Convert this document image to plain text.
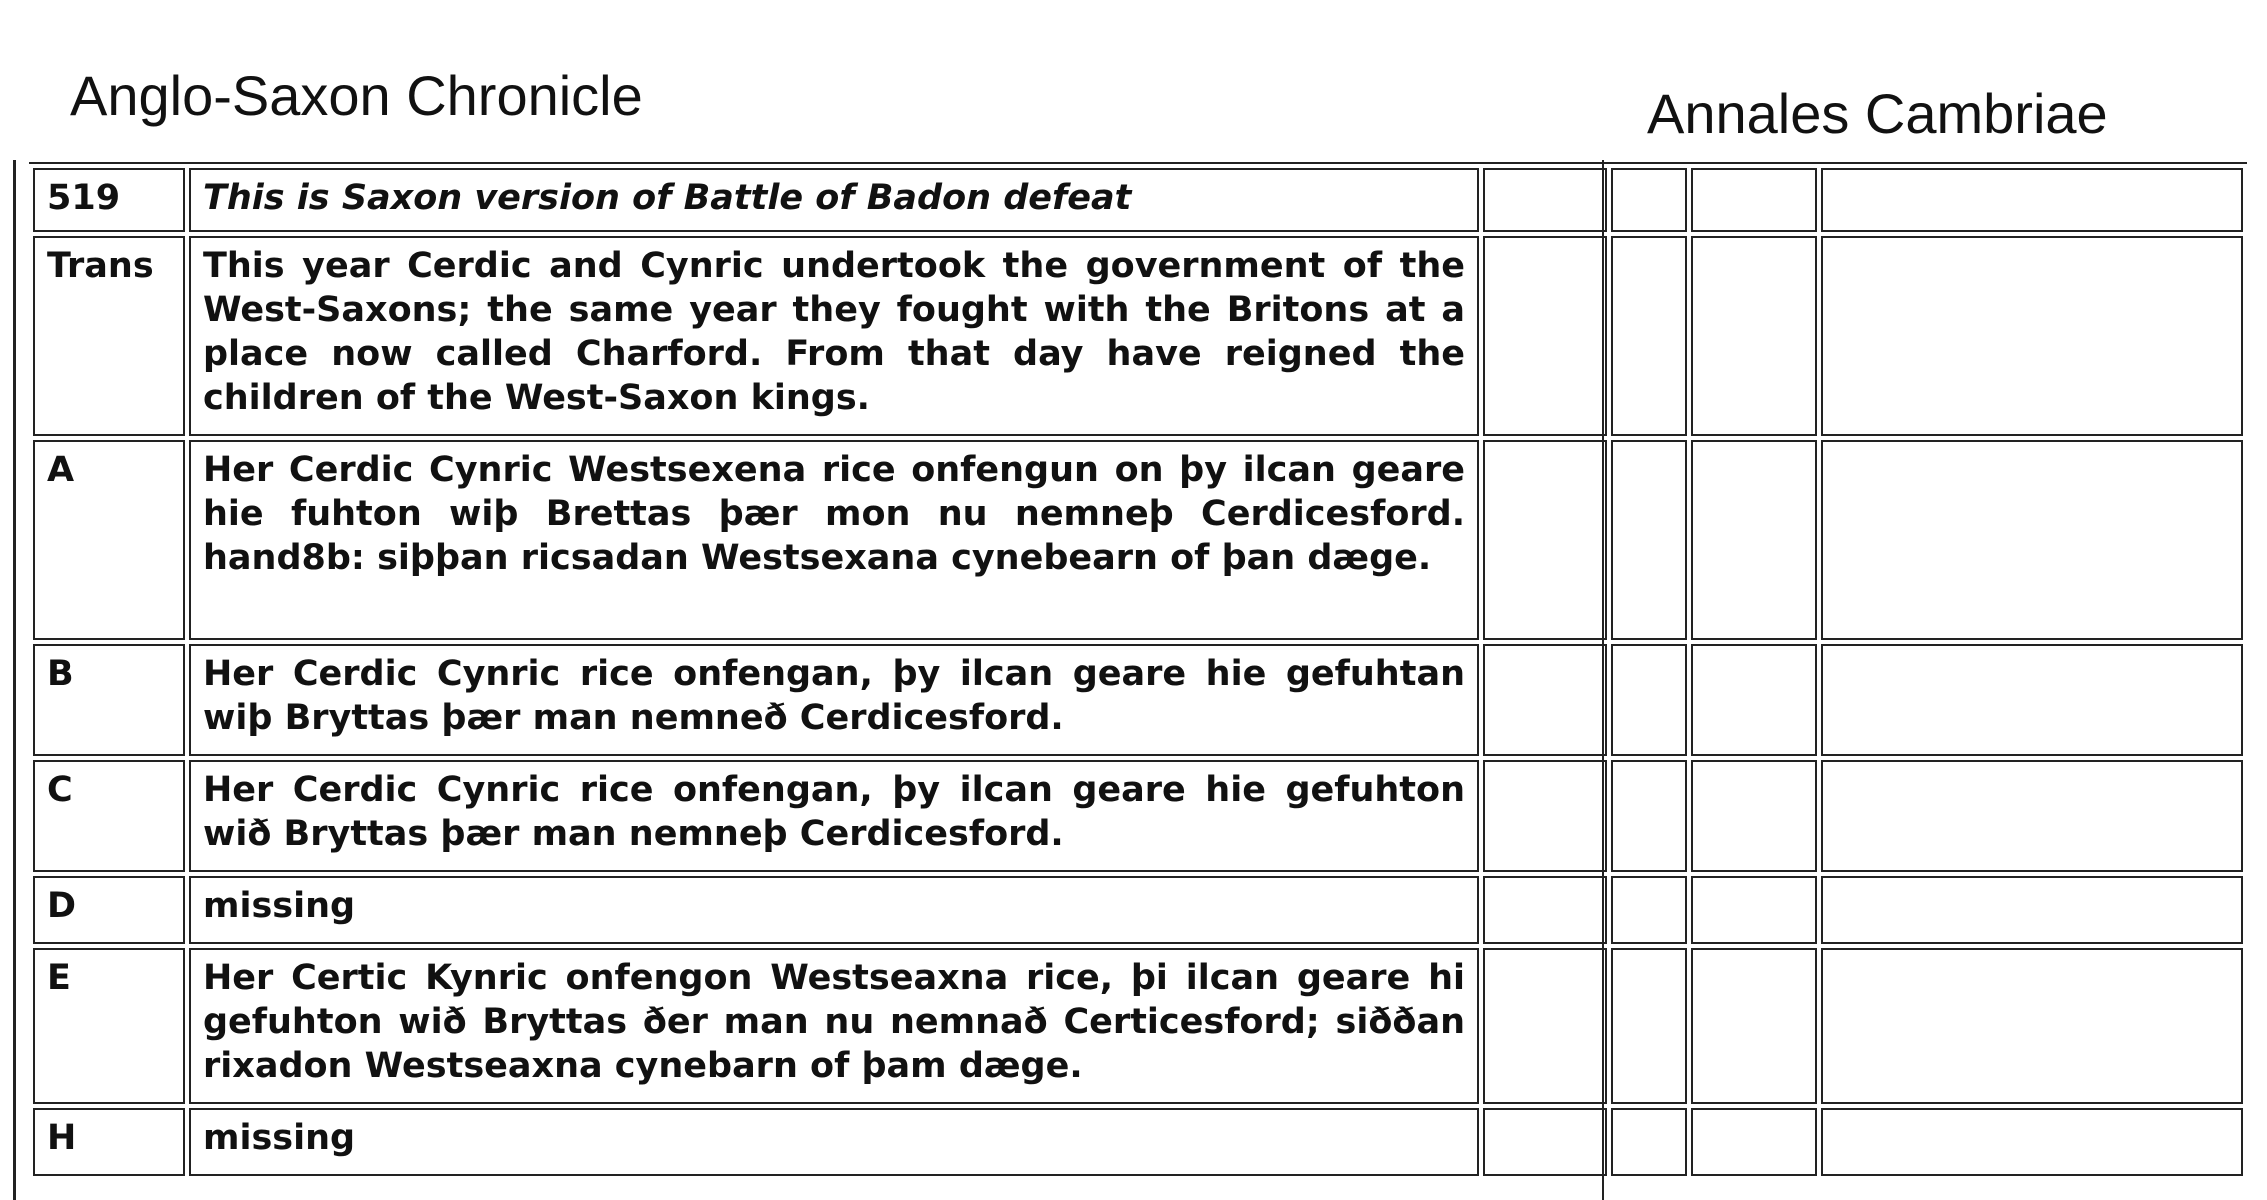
Anglo-Saxon Chronicle	Annales Cambriae
519	This is Saxon version of Battle of Badon defeat				
Trans	This year Cerdic and Cynric undertook the government of the West-Saxons; the same year they fought with the Britons at a place now called Charford. From that day have reigned the children of the West-Saxon kings.				
A	Her Cerdic Cynric Westsexena rice onfengun on þy ilcan geare hie fuhton wiþ Brettas þær mon nu nemneþ Cerdicesford. hand8b: siþþan ricsadan Westsexana cynebearn of þan dæge.				
B	Her Cerdic Cynric rice onfengan, þy ilcan geare hie gefuhtan wiþ Bryttas þær man nemneð Cerdicesford.				
C	Her Cerdic Cynric rice onfengan, þy ilcan geare hie gefuhton wið Bryttas þær man nemneþ Cerdicesford.				
D	missing				
E	Her Certic Kynric onfengon Westseaxna rice, þi ilcan geare hi gefuhton wið Bryttas ðer man nu nemnað Certicesford; siððan rixadon Westseaxna cynebarn of þam dæge.				
H	missing				
